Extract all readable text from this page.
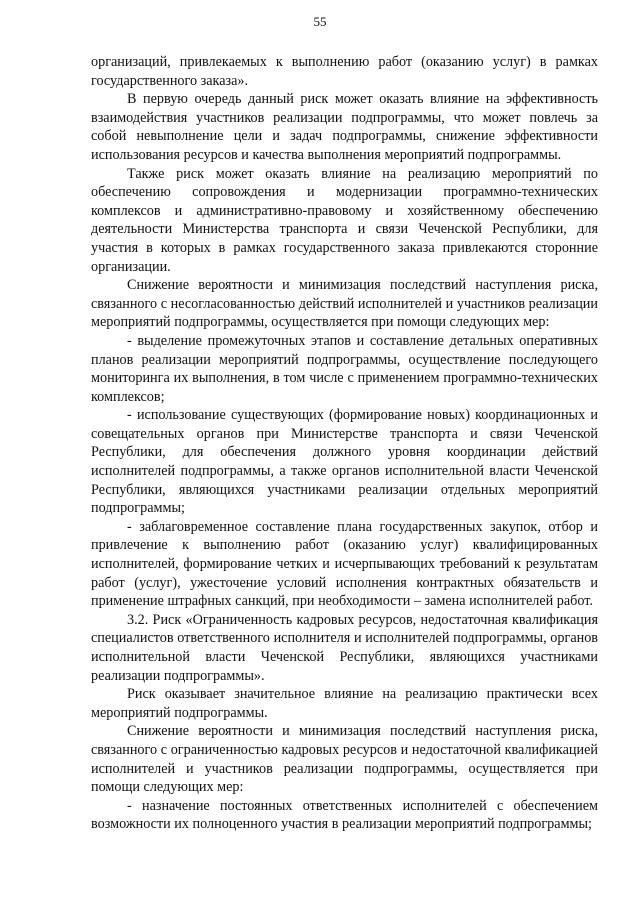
55

организаций, привлекаемых к выполнению работ (оказанию услуг) в рамках государственного заказа».

В первую очередь данный риск может оказать влияние на эффективность взаимодействия участников реализации подпрограммы, что может повлечь за собой невыполнение цели и задач подпрограммы, снижение эффективности использования ресурсов и качества выполнения мероприятий подпрограммы.

Также риск может оказать влияние на реализацию мероприятий по обеспечению сопровождения и модернизации программно-технических комплексов и административно-правовому и хозяйственному обеспечению деятельности Министерства транспорта и связи Чеченской Республики, для участия в которых в рамках государственного заказа привлекаются сторонние организации.

Снижение вероятности и минимизация последствий наступления риска, связанного с несогласованностью действий исполнителей и участников реализации мероприятий подпрограммы, осуществляется при помощи следующих мер:

- выделение промежуточных этапов и составление детальных оперативных планов реализации мероприятий подпрограммы, осуществление последующего мониторинга их выполнения, в том числе с применением программно-технических комплексов;

- использование существующих (формирование новых) координационных и совещательных органов при Министерстве транспорта и связи Чеченской Республики, для обеспечения должного уровня координации действий исполнителей подпрограммы, а также органов исполнительной власти Чеченской Республики, являющихся участниками реализации отдельных мероприятий подпрограммы;

- заблаговременное составление плана государственных закупок, отбор и привлечение к выполнению работ (оказанию услуг) квалифицированных исполнителей, формирование четких и исчерпывающих требований к результатам работ (услуг), ужесточение условий исполнения контрактных обязательств и применение штрафных санкций, при необходимости – замена исполнителей работ.

3.2. Риск «Ограниченность кадровых ресурсов, недостаточная квалификация специалистов ответственного исполнителя и исполнителей подпрограммы, органов исполнительной власти Чеченской Республики, являющихся участниками реализации подпрограммы».

Риск оказывает значительное влияние на реализацию практически всех мероприятий подпрограммы.

Снижение вероятности и минимизация последствий наступления риска, связанного с ограниченностью кадровых ресурсов и недостаточной квалификацией исполнителей и участников реализации подпрограммы, осуществляется при помощи следующих мер:

- назначение постоянных ответственных исполнителей с обеспечением возможности их полноценного участия в реализации мероприятий подпрограммы;
